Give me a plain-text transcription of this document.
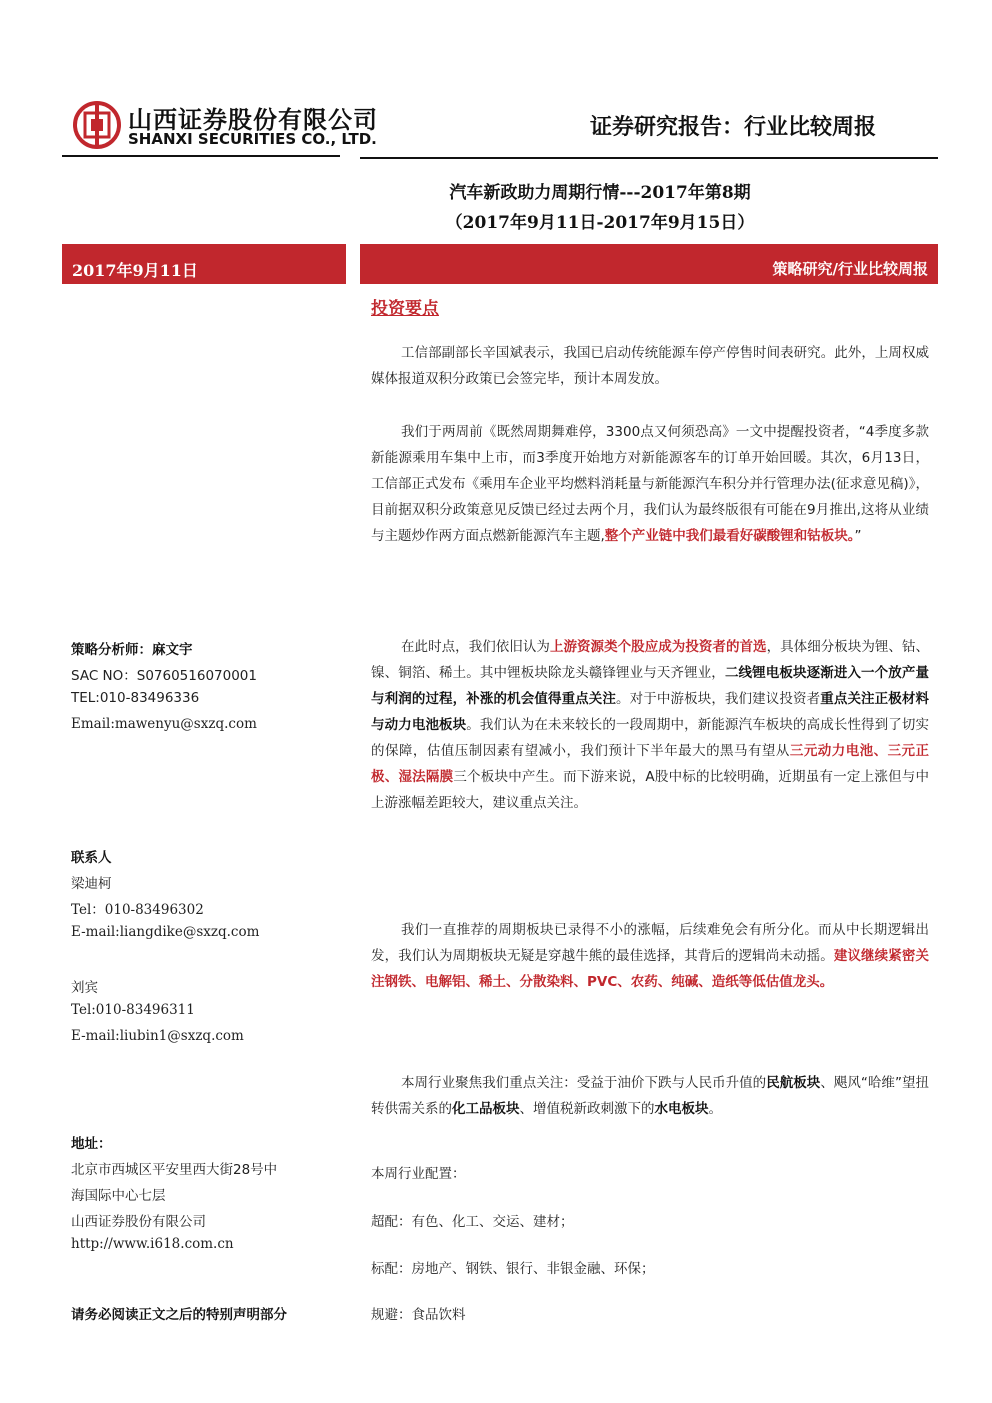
山西证券股份有限公司
SHANXI SECURITIES CO., LTD.	证券研究报告：行业比较周报
汽车新政助力周期行情---2017年第8期
（2017年9月11日-2017年9月15日）
2017年9月11日	策略研究/行业比较周报
投资要点
工信部副部长辛国斌表示，我国已启动传统能源车停产停售时间表研究。此外，上周权威媒体报道双积分政策已会签完毕，预计本周发放。
我们于两周前《既然周期舞难停，3300点又何须恐高》一文中提醒投资者，“4季度多款新能源乘用车集中上市，而3季度开始地方对新能源客车的订单开始回暖。其次，6月13日，工信部正式发布《乘用车企业平均燃料消耗量与新能源汽车积分并行管理办法(征求意见稿)》，目前据双积分政策意见反馈已经过去两个月，我们认为最终版很有可能在9月推出,这将从业绩与主题炒作两方面点燃新能源汽车主题,整个产业链中我们最看好碳酸锂和钴板块。”
在此时点，我们依旧认为上游资源类个股应成为投资者的首选，具体细分板块为锂、钴、镍、铜箔、稀土。其中锂板块除龙头赣锋锂业与天齐锂业，二线锂电板块逐渐进入一个放产量与利润的过程，补涨的机会值得重点关注。对于中游板块，我们建议投资者重点关注正极材料与动力电池板块。我们认为在未来较长的一段周期中，新能源汽车板块的高成长性得到了切实的保障，估值压制因素有望减小，我们预计下半年最大的黑马有望从三元动力电池、三元正极、湿法隔膜三个板块中产生。而下游来说，A股中标的比较明确，近期虽有一定上涨但与中上游涨幅差距较大，建议重点关注。
我们一直推荐的周期板块已录得不小的涨幅，后续难免会有所分化。而从中长期逻辑出发，我们认为周期板块无疑是穿越牛熊的最佳选择，其背后的逻辑尚未动摇。建议继续紧密关注钢铁、电解铝、稀土、分散染料、PVC、农药、纯碱、造纸等低估值龙头。
本周行业聚焦我们重点关注：受益于油价下跌与人民币升值的民航板块、飓风“哈维”望扭转供需关系的化工品板块、增值税新政刺激下的水电板块。
本周行业配置：
超配：有色、化工、交运、建材；
标配：房地产、钢铁、银行、非银金融、环保；
规避：食品饮料
策略分析师：麻文宇
SAC NO：S0760516070001
TEL:010-83496336
Email:mawenyu@sxzq.com
联系人
梁迪柯
Tel：010-83496302
E-mail:liangdike@sxzq.com
刘宾
Tel:010-83496311
E-mail:liubin1@sxzq.com
地址：
北京市西城区平安里西大街28号中
海国际中心七层
山西证券股份有限公司
http://www.i618.com.cn
请务必阅读正文之后的特别声明部分
